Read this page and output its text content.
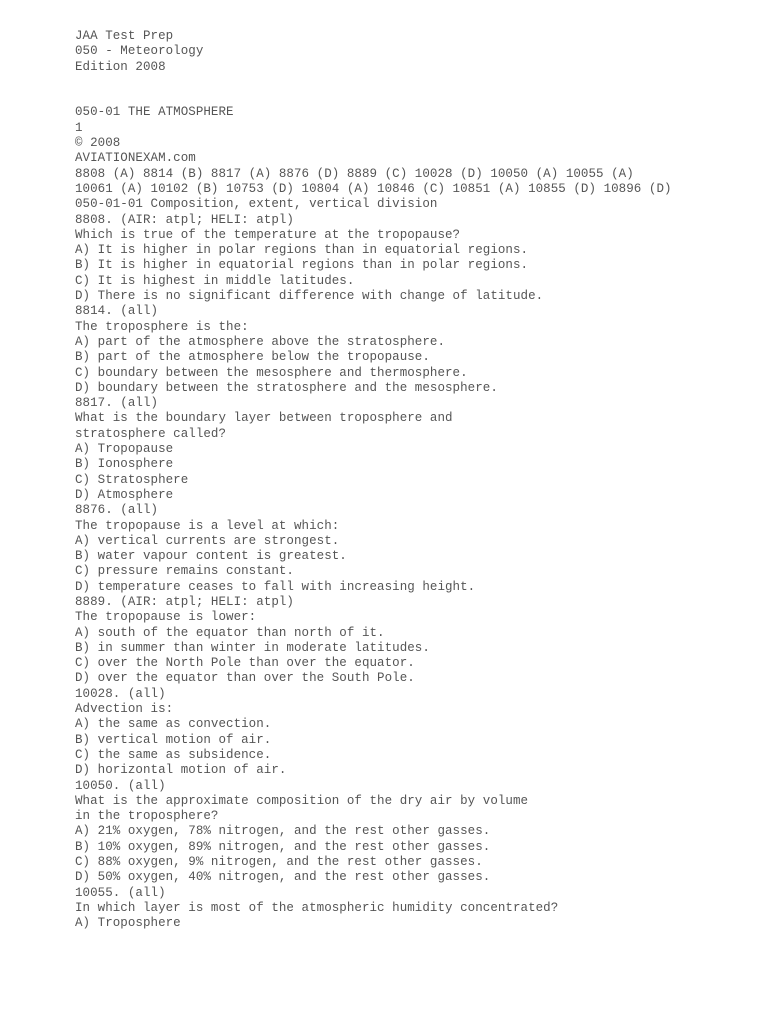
JAA Test Prep
050 - Meteorology
Edition 2008
050-01 THE ATMOSPHERE
1
© 2008
AVIATIONEXAM.com
8808 (A) 8814 (B) 8817 (A) 8876 (D) 8889 (C) 10028 (D) 10050 (A) 10055 (A)
10061 (A) 10102 (B) 10753 (D) 10804 (A) 10846 (C) 10851 (A) 10855 (D) 10896 (D)
050-01-01 Composition, extent, vertical division
8808. (AIR: atpl; HELI: atpl)
Which is true of the temperature at the tropopause?
A) It is higher in polar regions than in equatorial regions.
B) It is higher in equatorial regions than in polar regions.
C) It is highest in middle latitudes.
D) There is no significant difference with change of latitude.
8814. (all)
The troposphere is the:
A) part of the atmosphere above the stratosphere.
B) part of the atmosphere below the tropopause.
C) boundary between the mesosphere and thermosphere.
D) boundary between the stratosphere and the mesosphere.
8817. (all)
What is the boundary layer between troposphere and
stratosphere called?
A) Tropopause
B) Ionosphere
C) Stratosphere
D) Atmosphere
8876. (all)
The tropopause is a level at which:
A) vertical currents are strongest.
B) water vapour content is greatest.
C) pressure remains constant.
D) temperature ceases to fall with increasing height.
8889. (AIR: atpl; HELI: atpl)
The tropopause is lower:
A) south of the equator than north of it.
B) in summer than winter in moderate latitudes.
C) over the North Pole than over the equator.
D) over the equator than over the South Pole.
10028. (all)
Advection is:
A) the same as convection.
B) vertical motion of air.
C) the same as subsidence.
D) horizontal motion of air.
10050. (all)
What is the approximate composition of the dry air by volume
in the troposphere?
A) 21% oxygen, 78% nitrogen, and the rest other gasses.
B) 10% oxygen, 89% nitrogen, and the rest other gasses.
C) 88% oxygen, 9% nitrogen, and the rest other gasses.
D) 50% oxygen, 40% nitrogen, and the rest other gasses.
10055. (all)
In which layer is most of the atmospheric humidity concentrated?
A) Troposphere
